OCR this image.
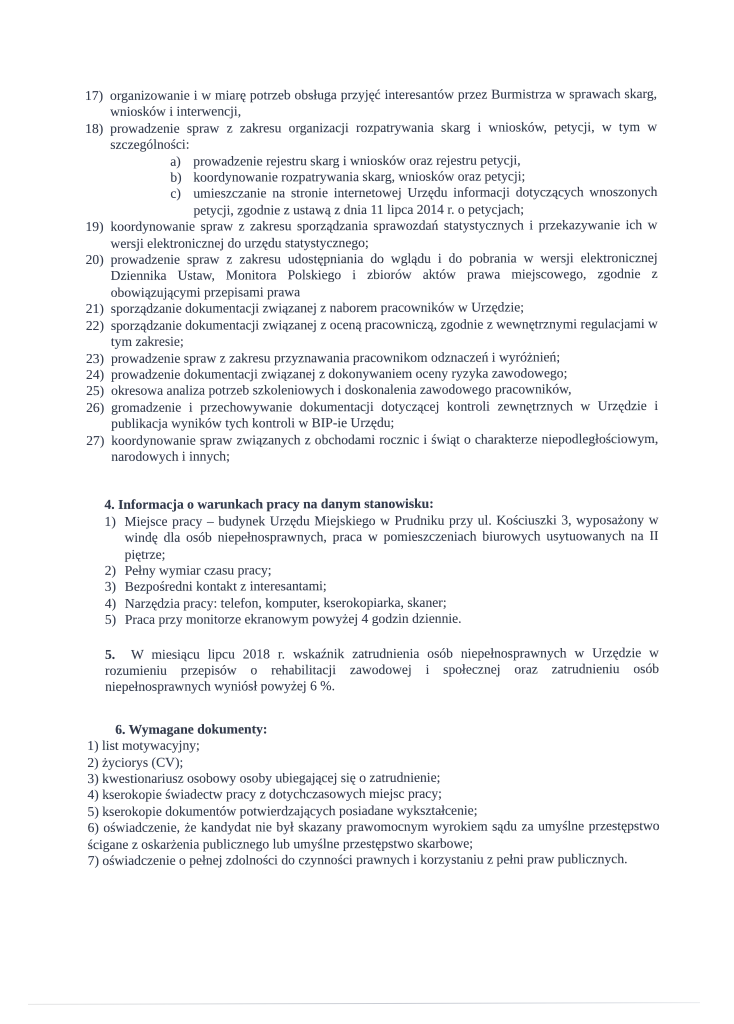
17) organizowanie i w miarę potrzeb obsługa przyjęć interesantów przez Burmistrza w sprawach skarg, wniosków i interwencji,
18) prowadzenie spraw z zakresu organizacji rozpatrywania skarg i wniosków, petycji, w tym w szczególności:
a) prowadzenie rejestru skarg i wniosków oraz rejestru petycji,
b) koordynowanie rozpatrywania skarg, wniosków oraz petycji;
c) umieszczanie na stronie internetowej Urzędu informacji dotyczących wnoszonych petycji, zgodnie z ustawą z dnia 11 lipca 2014 r. o petycjach;
19) koordynowanie spraw z zakresu sporządzania sprawozdań statystycznych i przekazywanie ich w wersji elektronicznej do urzędu statystycznego;
20) prowadzenie spraw z zakresu udostępniania do wglądu i do pobrania w wersji elektronicznej Dziennika Ustaw, Monitora Polskiego i zbiorów aktów prawa miejscowego, zgodnie z obowiązującymi przepisami prawa
21) sporządzanie dokumentacji związanej z naborem pracowników w Urzędzie;
22) sporządzanie dokumentacji związanej z oceną pracowniczą, zgodnie z wewnętrznymi regulacjami w tym zakresie;
23) prowadzenie spraw z zakresu przyznawania pracownikom odznaczeń i wyróżnień;
24) prowadzenie dokumentacji związanej z dokonywaniem oceny ryzyka zawodowego;
25) okresowa analiza potrzeb szkoleniowych i doskonalenia zawodowego pracowników,
26) gromadzenie i przechowywanie dokumentacji dotyczącej kontroli zewnętrznych w Urzędzie i publikacja wyników tych kontroli w BIP-ie Urzędu;
27) koordynowanie spraw związanych z obchodami rocznic i świąt o charakterze niepodległościowym, narodowych i innych;

4. Informacja o warunkach pracy na danym stanowisku:

1) Miejsce pracy – budynek Urzędu Miejskiego w Prudniku przy ul. Kościuszki 3, wyposażony w windę dla osób niepełnosprawnych, praca w pomieszczeniach biurowych usytuowanych na II piętrze;
2) Pełny wymiar czasu pracy;
3) Bezpośredni kontakt z interesantami;
4) Narzędzia pracy: telefon, komputer, kserokopiarka, skaner;
5) Praca przy monitorze ekranowym powyżej 4 godzin dziennie.

5. W miesiącu lipcu 2018 r. wskaźnik zatrudnienia osób niepełnosprawnych w Urzędzie w rozumieniu przepisów o rehabilitacji zawodowej i społecznej oraz zatrudnieniu osób niepełnosprawnych wyniósł powyżej 6 %.

6. Wymagane dokumenty:

1) list motywacyjny;
2) życiorys (CV);
3) kwestionariusz osobowy osoby ubiegającej się o zatrudnienie;
4) kserokopie świadectw pracy z dotychczasowych miejsc pracy;
5) kserokopie dokumentów potwierdzających posiadane wykształcenie;
6) oświadczenie, że kandydat nie był skazany prawomocnym wyrokiem sądu za umyślne przestępstwo ścigane z oskarżenia publicznego lub umyślne przestępstwo skarbowe;
7) oświadczenie o pełnej zdolności do czynności prawnych i korzystaniu z pełni praw publicznych.
